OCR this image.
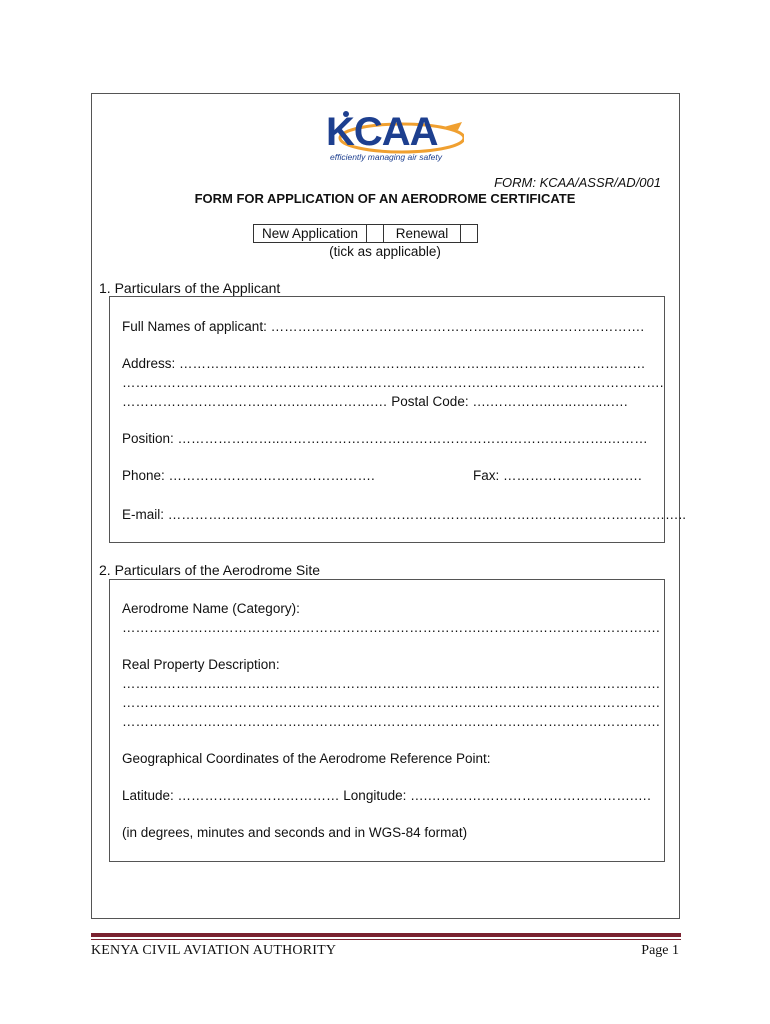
KCAA
efficiently managing air safety
FORM: KCAA/ASSR/AD/001
FORM FOR APPLICATION OF AN AERODROME CERTIFICATE
New Application		Renewal	
(tick as applicable)
1. Particulars of the Applicant
Full Names of applicant: ………………………………………….….…..….………………….
Address: …………………………………………….……………….……………………………
………………….………………………………………….………………….……………………….
…………………….…….…….….….……….… Postal Code: ….…………..…..….…..….
Position: …………………..……………………………………………………………….………
Phone: ……………………………………….	Fax: ………………………….
E-mail: ………………………………….…………………………..……………………………………..
2. Particulars of the Aerodrome Site
Aerodrome Name (Category):
………………….………………………………………………….………………………………….
Real Property Description:
………………….………………………………………………….………………………………….
………………….………………………………………………….………………………………….
………………….………………………………………………….………………………………….
Geographical Coordinates of the Aerodrome Reference Point:
Latitude: ……………………………… Longitude: ….……………………………………….….
(in degrees, minutes and seconds and in WGS-84 format)
KENYA CIVIL AVIATION AUTHORITY	Page 1
